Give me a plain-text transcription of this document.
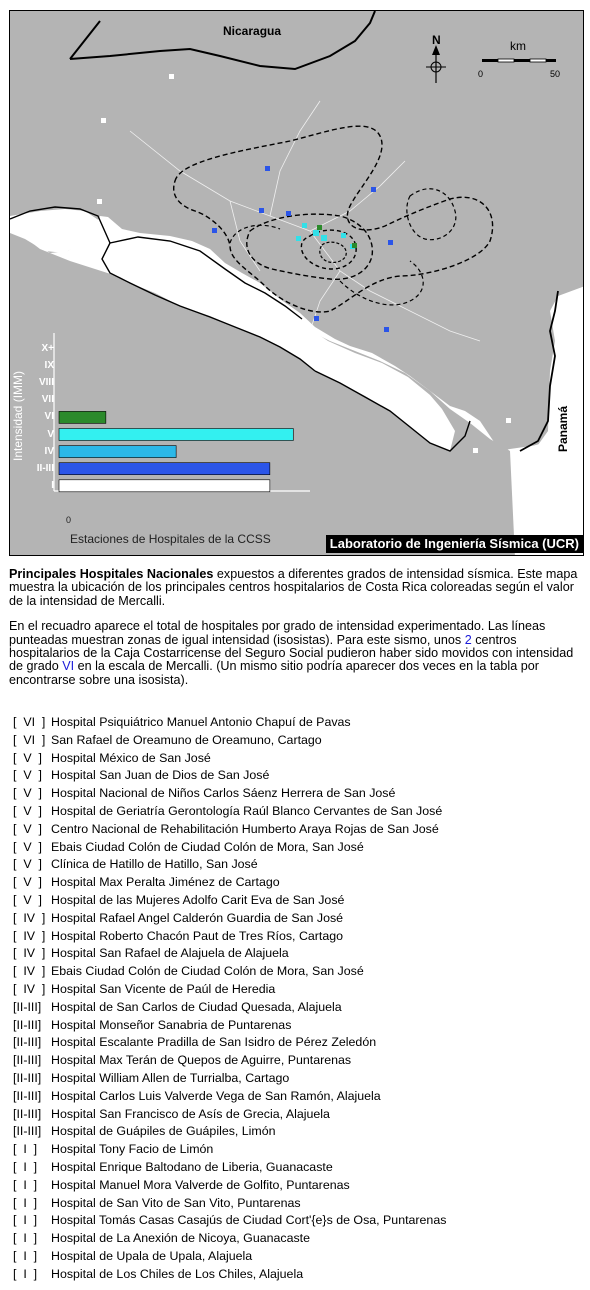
Nicaragua
Panamá
N	km
0	50
Intensidad (IMM)
X+
IX
VIII
VII
VI
V
IV
II-III
I
0
Estaciones de Hospitales de la CCSS	Laboratorio de Ingeniería Sísmica (UCR)

Principales Hospitales Nacionales expuestos a diferentes grados de intensidad sísmica. Este mapa muestra la ubicación de los principales centros hospitalarios de Costa Rica coloreadas según el valor de la intensidad de Mercalli.

En el recuadro aparece el total de hospitales por grado de intensidad experimentado. Las líneas punteadas muestran zonas de igual intensidad (isosistas). Para este sismo, unos 2 centros hospitalarios de la Caja Costarricense del Seguro Social pudieron haber sido movidos con intensidad de grado VI en la escala de Mercalli. (Un mismo sitio podría aparecer dos veces en la tabla por encontrarse sobre una isosista).

[  VI  ] Hospital Psiquiátrico Manuel Antonio Chapuí de Pavas
[  VI  ] San Rafael de Oreamuno de Oreamuno, Cartago
[  V  ] Hospital México de San José
[  V  ] Hospital San Juan de Dios de San José
[  V  ] Hospital Nacional de Niños Carlos Sáenz Herrera de San José
[  V  ] Hospital de Geriatría Gerontología Raúl Blanco Cervantes de San José
[  V  ] Centro Nacional de Rehabilitación Humberto Araya Rojas de San José
[  V  ] Ebais Ciudad Colón de Ciudad Colón de Mora, San José
[  V  ] Clínica de Hatillo de Hatillo, San José
[  V  ] Hospital Max Peralta Jiménez de Cartago
[  V  ] Hospital de las Mujeres Adolfo Carit Eva de San José
[  IV  ] Hospital Rafael Angel Calderón Guardia de San José
[  IV  ] Hospital Roberto Chacón Paut de Tres Ríos, Cartago
[  IV  ] Hospital San Rafael de Alajuela de Alajuela
[  IV  ] Ebais Ciudad Colón de Ciudad Colón de Mora, San José
[  IV  ] Hospital San Vicente de Paúl de Heredia
[II-III] Hospital de San Carlos de Ciudad Quesada, Alajuela
[II-III] Hospital Monseñor Sanabria de Puntarenas
[II-III] Hospital Escalante Pradilla de San Isidro de Pérez Zeledón
[II-III] Hospital Max Terán de Quepos de Aguirre, Puntarenas
[II-III] Hospital William Allen de Turrialba, Cartago
[II-III] Hospital Carlos Luis Valverde Vega de San Ramón, Alajuela
[II-III] Hospital San Francisco de Asís de Grecia, Alajuela
[II-III] Hospital de Guápiles de Guápiles, Limón
[  I  ] Hospital Tony Facio de Limón
[  I  ] Hospital Enrique Baltodano de Liberia, Guanacaste
[  I  ] Hospital Manuel Mora Valverde de Golfito, Puntarenas
[  I  ] Hospital de San Vito de San Vito, Puntarenas
[  I  ] Hospital Tomás Casas Casajús de Ciudad Cort'{e}s de Osa, Puntarenas
[  I  ] Hospital de La Anexión de Nicoya, Guanacaste
[  I  ] Hospital de Upala de Upala, Alajuela
[  I  ] Hospital de Los Chiles de Los Chiles, Alajuela
